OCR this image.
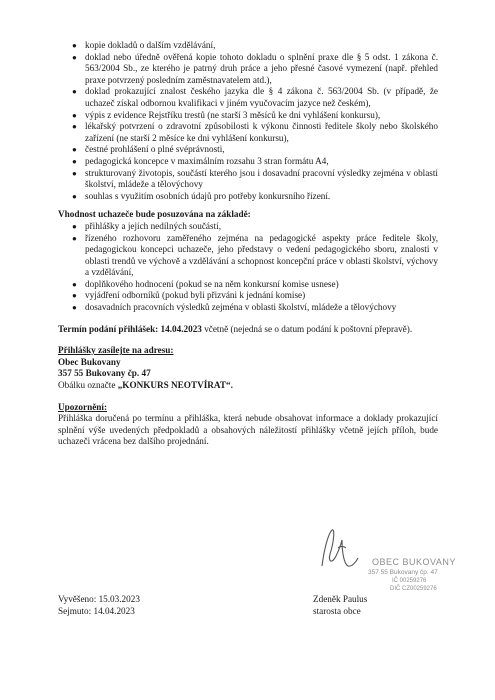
● kopie dokladů o dalším vzdělávání,
● doklad nebo úředně ověřená kopie tohoto dokladu o splnění praxe dle § 5 odst. 1 zákona č. 563/2004 Sb., ze kterého je patrný druh práce a jeho přesné časové vymezení (např. přehled praxe potvrzený posledním zaměstnavatelem atd.),
● doklad prokazující znalost českého jazyka dle § 4 zákona č. 563/2004 Sb. (v případě, že uchazeč získal odbornou kvalifikaci v jiném vyučovacím jazyce než českém),
● výpis z evidence Rejstříku trestů (ne starší 3 měsíců ke dni vyhlášení konkursu),
● lékařský potvrzení o zdravotní způsobilosti k výkonu činnosti ředitele školy nebo školského zařízení (ne starší 2 měsíce ke dni vyhlášení konkursu),
● čestné prohlášení o plné svéprávnosti,
● pedagogická koncepce v maximálním rozsahu 3 stran formátu A4,
● strukturovaný životopis, součástí kterého jsou i dosavadní pracovní výsledky zejména v oblasti školství, mládeže a tělovýchovy
● souhlas s využitím osobních údajů pro potřeby konkursního řízení.
Vhodnost uchazeče bude posuzována na základě:
● přihlášky a jejích nedílných součástí,
● řízeného rozhovoru zaměřeného zejména na pedagogické aspekty práce ředitele školy, pedagogickou koncepci uchazeče, jeho představy o vedení pedagogického sboru, znalosti v oblasti trendů ve výchově a vzdělávání a schopnost koncepční práce v oblasti školství, výchovy a vzdělávání,
● doplňkového hodnocení (pokud se na něm konkursní komise usnese)
● vyjádření odborníků (pokud byli přizváni k jednání komise)
● dosavadních pracovních výsledků zejména v oblasti školství, mládeže a tělovýchovy
Termín podání přihlášek: 14.04.2023 včetně (nejedná se o datum podání k poštovní přepravě).
Přihlášky zasílejte na adresu:
Obec Bukovany
357 55 Bukovany čp. 47
Obálku označte „KONKURS NEOTVÍRAT“.
Upozornění:
Přihláška doručená po termínu a přihláška, která nebude obsahovat informace a doklady prokazující splnění výše uvedených předpokladů a obsahových náležitostí přihlášky včetně jejích příloh, bude uchazeči vrácena bez dalšího projednání.
Vyvěšeno: 15.03.2023
Sejmuto: 14.04.2023
Zdeněk Paulus
starosta obce
OBEC BUKOVANY
357 55 Bukovany čp. 47
IČ 00259276
DIČ CZ00259276
